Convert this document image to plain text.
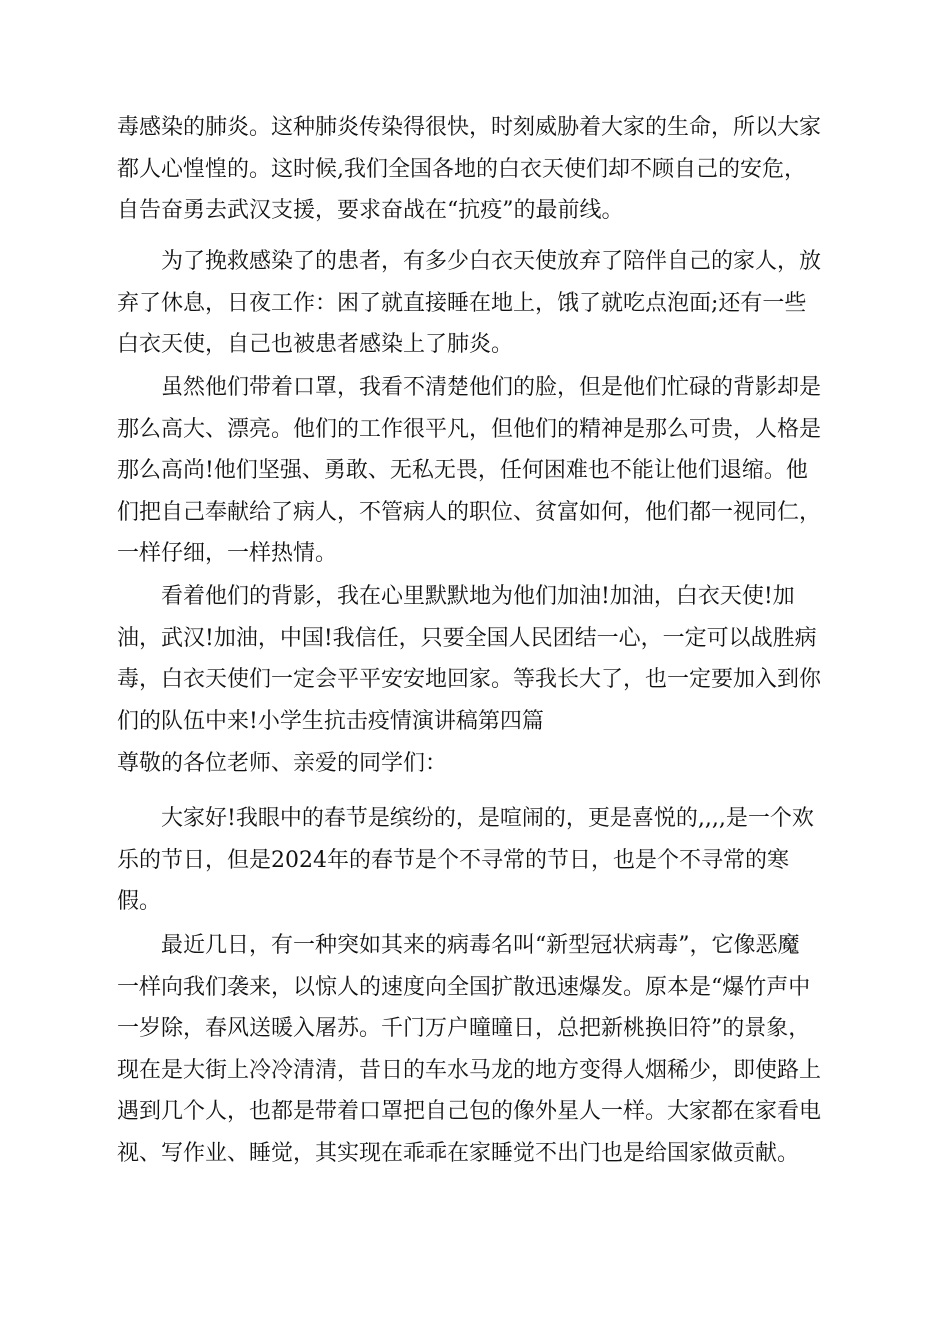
毒感染的肺炎。这种肺炎传染得很快，时刻威胁着大家的生命，所以大家
都人心惶惶的。这时候,我们全国各地的白衣天使们却不顾自己的安危，
自告奋勇去武汉支援，要求奋战在“抗疫”的最前线。
为了挽救感染了的患者，有多少白衣天使放弃了陪伴自己的家人，放
弃了休息，日夜工作：困了就直接睡在地上，饿了就吃点泡面;还有一些
白衣天使，自己也被患者感染上了肺炎。
虽然他们带着口罩，我看不清楚他们的脸，但是他们忙碌的背影却是
那么高大、漂亮。他们的工作很平凡，但他们的精神是那么可贵，人格是
那么高尚!他们坚强、勇敢、无私无畏，任何困难也不能让他们退缩。他
们把自己奉献给了病人，不管病人的职位、贫富如何，他们都一视同仁，
一样仔细，一样热情。
看着他们的背影，我在心里默默地为他们加油!加油，白衣天使!加
油，武汉!加油，中国!我信任，只要全国人民团结一心，一定可以战胜病
毒，白衣天使们一定会平平安安地回家。等我长大了，也一定要加入到你
们的队伍中来!小学生抗击疫情演讲稿第四篇
尊敬的各位老师、亲爱的同学们：
大家好!我眼中的春节是缤纷的，是喧闹的，更是喜悦的,,,,是一个欢
乐的节日，但是2024年的春节是个不寻常的节日，也是个不寻常的寒
假。
最近几日，有一种突如其来的病毒名叫“新型冠状病毒”，它像恶魔
一样向我们袭来，以惊人的速度向全国扩散迅速爆发。原本是“爆竹声中
一岁除，春风送暖入屠苏。千门万户曈曈日，总把新桃换旧符”的景象，
现在是大街上冷冷清清，昔日的车水马龙的地方变得人烟稀少，即使路上
遇到几个人，也都是带着口罩把自己包的像外星人一样。大家都在家看电
视、写作业、睡觉，其实现在乖乖在家睡觉不出门也是给国家做贡献。
